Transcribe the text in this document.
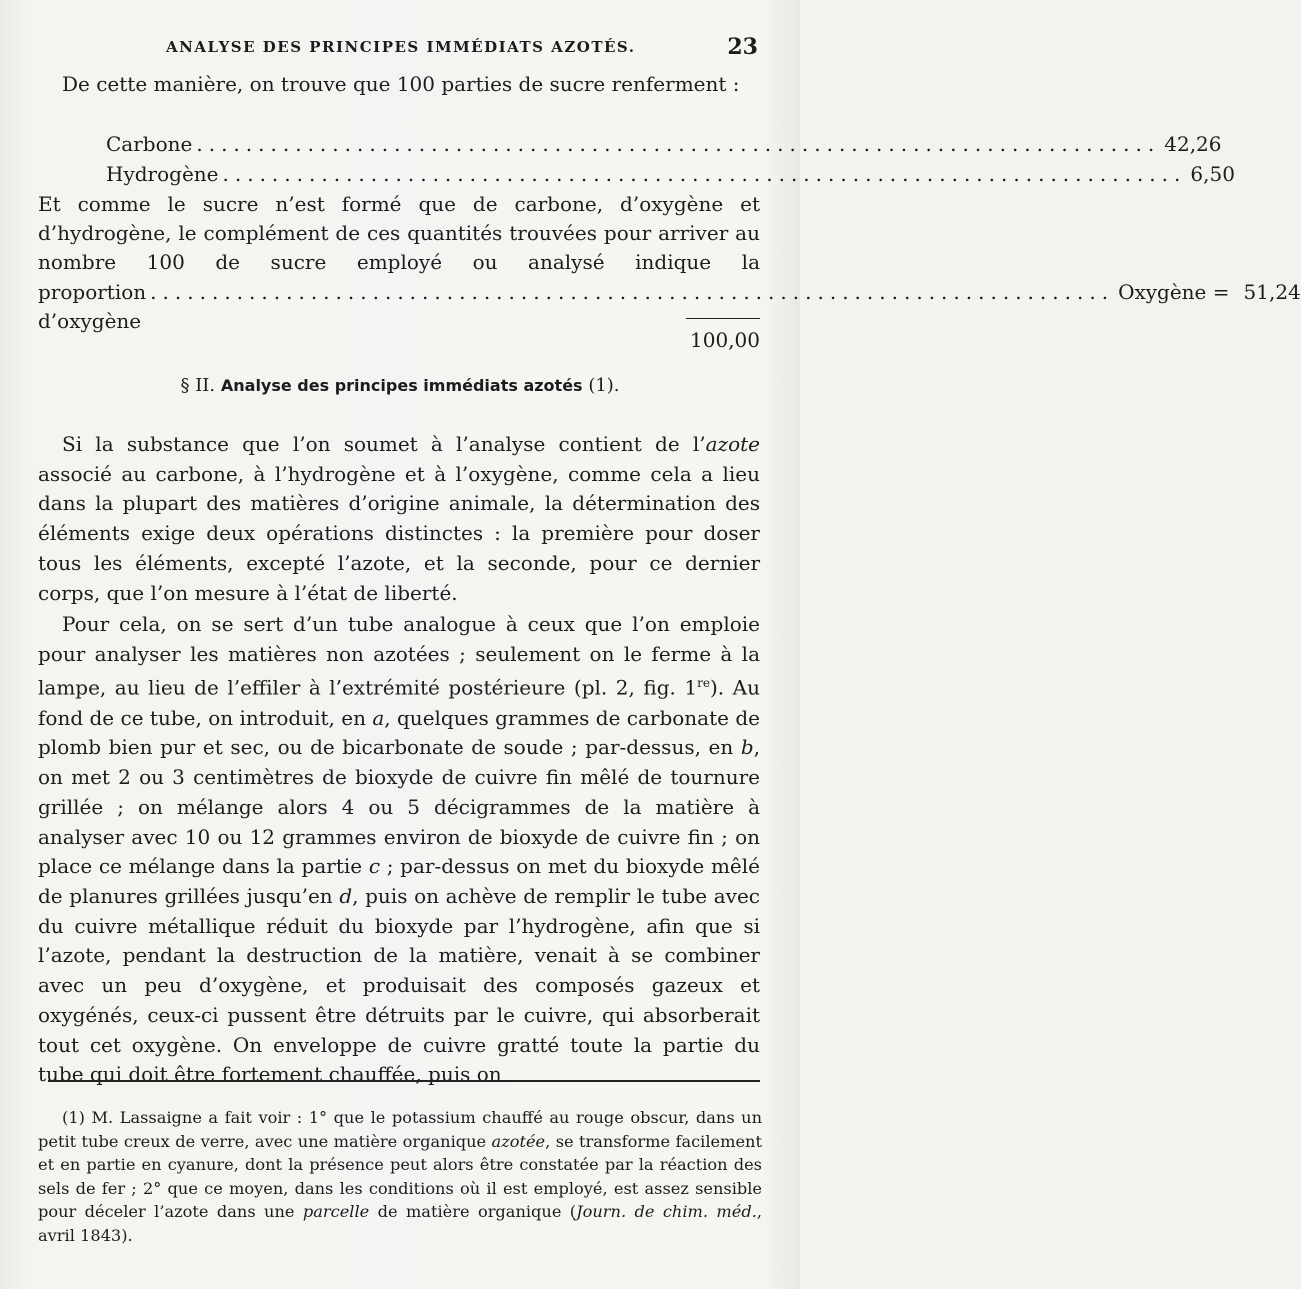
ANALYSE DES PRINCIPES IMMÉDIATS AZOTÉS.	23
De cette manière, on trouve que 100 parties de sucre renferment :
Carbone .............................................................................. 42,26
Hydrogène .............................................................................. 6,50

Et comme le sucre n’est formé que de carbone, d’oxygène et d’hydrogène, le complément de ces quantités trouvées pour arriver au nombre 100 de sucre employé ou analysé indique la

proportion d’oxygène
.............................................................................. Oxygène = 51,24
100,00
§ II. Analyse des principes immédiats azotés (1).

Si la substance que l’on soumet à l’analyse contient de l’azote associé au carbone, à l’hydrogène et à l’oxygène, comme cela a lieu dans la plupart des matières d’origine animale, la détermination des éléments exige deux opérations distinctes : la première pour doser tous les éléments, excepté l’azote, et la seconde, pour ce dernier corps, que l’on mesure à l’état de liberté.

Pour cela, on se sert d’un tube analogue à ceux que l’on emploie pour analyser les matières non azotées ; seulement on le ferme à la lampe, au lieu de l’effiler à l’extrémité postérieure (pl. 2, fig. 1re). Au fond de ce tube, on introduit, en a, quelques grammes de carbonate de plomb bien pur et sec, ou de bicarbonate de soude ; par-dessus, en b, on met 2 ou 3 centimètres de bioxyde de cuivre fin mêlé de tournure grillée ; on mélange alors 4 ou 5 décigrammes de la matière à analyser avec 10 ou 12 grammes environ de bioxyde de cuivre fin ; on place ce mélange dans la partie c ; par-dessus on met du bioxyde mêlé de planures grillées jusqu’en d, puis on achève de remplir le tube avec du cuivre métallique réduit du bioxyde par l’hydrogène, afin que si l’azote, pendant la destruction de la matière, venait à se combiner avec un peu d’oxygène, et produisait des composés gazeux et oxygénés, ceux-ci pussent être détruits par le cuivre, qui absorberait tout cet oxygène. On enveloppe de cuivre gratté toute la partie du tube qui doit être fortement chauffée, puis on

(1) M. Lassaigne a fait voir : 1° que le potassium chauffé au rouge obscur, dans un petit tube creux de verre, avec une matière organique azotée, se transforme facilement et en partie en cyanure, dont la présence peut alors être constatée par la réaction des sels de fer ; 2° que ce moyen, dans les conditions où il est employé, est assez sensible pour déceler l’azote dans une parcelle de matière organique (Journ. de chim. méd., avril 1843).
